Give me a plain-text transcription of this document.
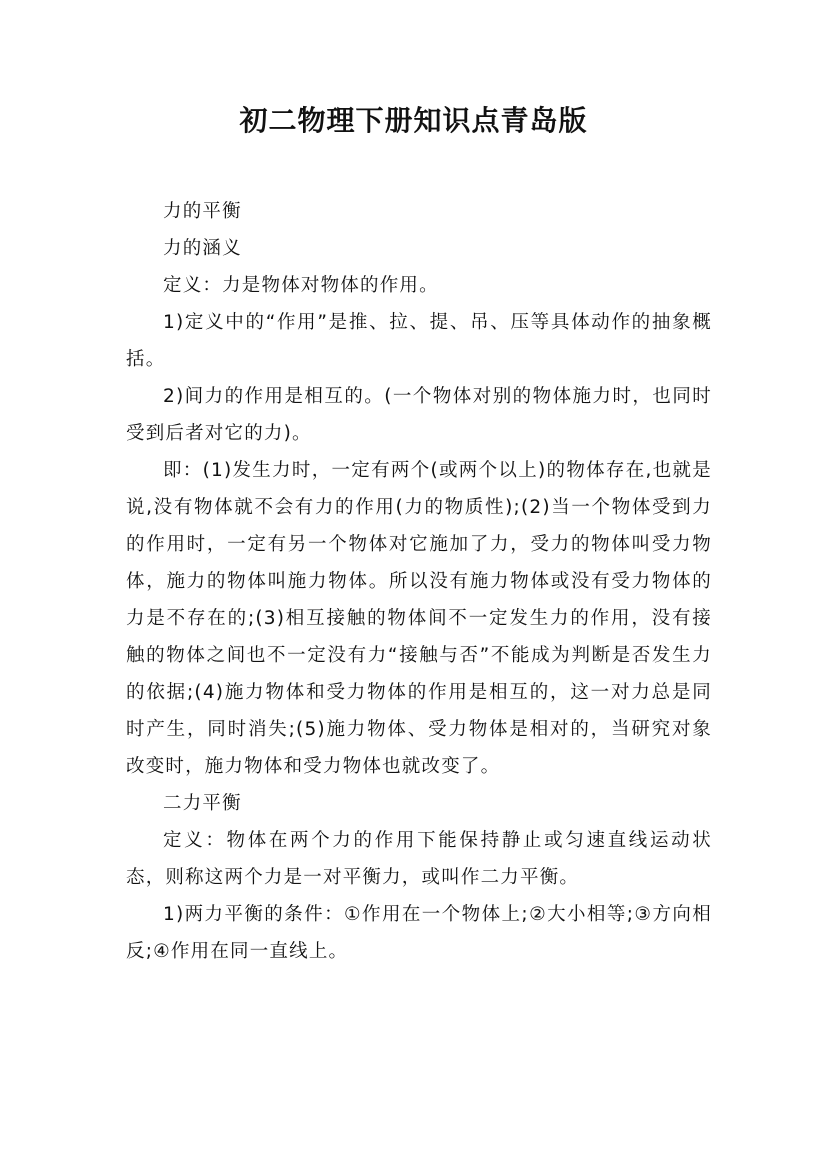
初二物理下册知识点青岛版

力的平衡

力的涵义

定义：力是物体对物体的作用。

1)定义中的“作用”是推、拉、提、吊、压等具体动作的抽象概括。

2)间力的作用是相互的。(一个物体对别的物体施力时，也同时受到后者对它的力)。

即：(1)发生力时，一定有两个(或两个以上)的物体存在,也就是说,没有物体就不会有力的作用(力的物质性);(2)当一个物体受到力的作用时，一定有另一个物体对它施加了力，受力的物体叫受力物体，施力的物体叫施力物体。所以没有施力物体或没有受力物体的力是不存在的;(3)相互接触的物体间不一定发生力的作用，没有接触的物体之间也不一定没有力“接触与否”不能成为判断是否发生力的依据;(4)施力物体和受力物体的作用是相互的，这一对力总是同时产生，同时消失;(5)施力物体、受力物体是相对的，当研究对象改变时，施力物体和受力物体也就改变了。

二力平衡

定义：物体在两个力的作用下能保持静止或匀速直线运动状态，则称这两个力是一对平衡力，或叫作二力平衡。

1)两力平衡的条件：①作用在一个物体上;②大小相等;③方向相反;④作用在同一直线上。
